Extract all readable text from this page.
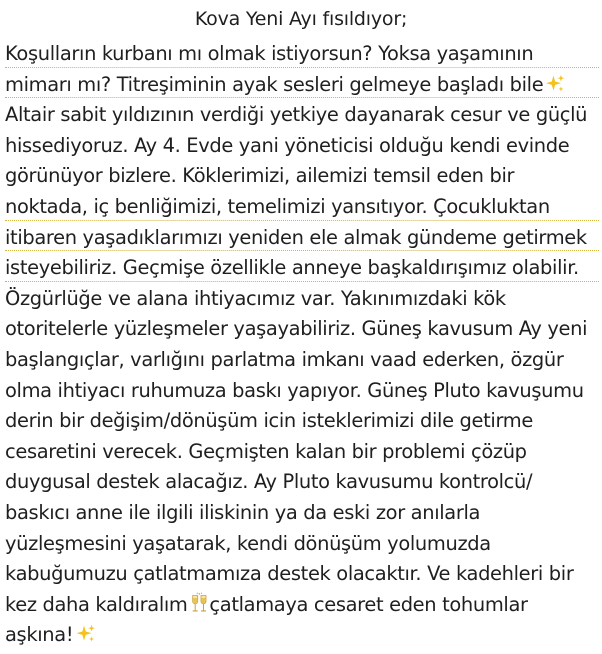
Kova Yeni Ayı fısıldıyor;
Koşulların kurbanı mı olmak istiyorsun? Yoksa yaşamının
mimarı mı? Titreşiminin ayak sesleri gelmeye başladı bile
Altair sabit yıldızının verdiği yetkiye dayanarak cesur ve güçlü
hissediyoruz. Ay 4. Evde yani yöneticisi olduğu kendi evinde
görünüyor bizlere. Köklerimizi, ailemizi temsil eden bir
noktada, iç benliğimizi, temelimizi yansıtıyor. Çocukluktan
itibaren yaşadıklarımızı yeniden ele almak gündeme getirmek
isteyebiliriz. Geçmişe özellikle anneye başkaldırışımız olabilir.
Özgürlüğe ve alana ihtiyacımız var. Yakınımızdaki kök
otoritelerle yüzleşmeler yaşayabiliriz. Güneş kavusum Ay yeni
başlangıçlar, varlığını parlatma imkanı vaad ederken, özgür
olma ihtiyacı ruhumuza baskı yapıyor. Güneş Pluto kavuşumu
derin bir değişim/dönüşüm icin isteklerimizi dile getirme
cesaretini verecek. Geçmişten kalan bir problemi çözüp
duygusal destek alacağız. Ay Pluto kavusumu kontrolcü/
baskıcı anne ile ilgili iliskinin ya da eski zor anılarla
yüzleşmesini yaşatarak, kendi dönüşüm yolumuzda
kabuğumuzu çatlatmamıza destek olacaktır. Ve kadehleri bir
kez daha kaldıralım çatlamaya cesaret eden tohumlar
aşkına!
